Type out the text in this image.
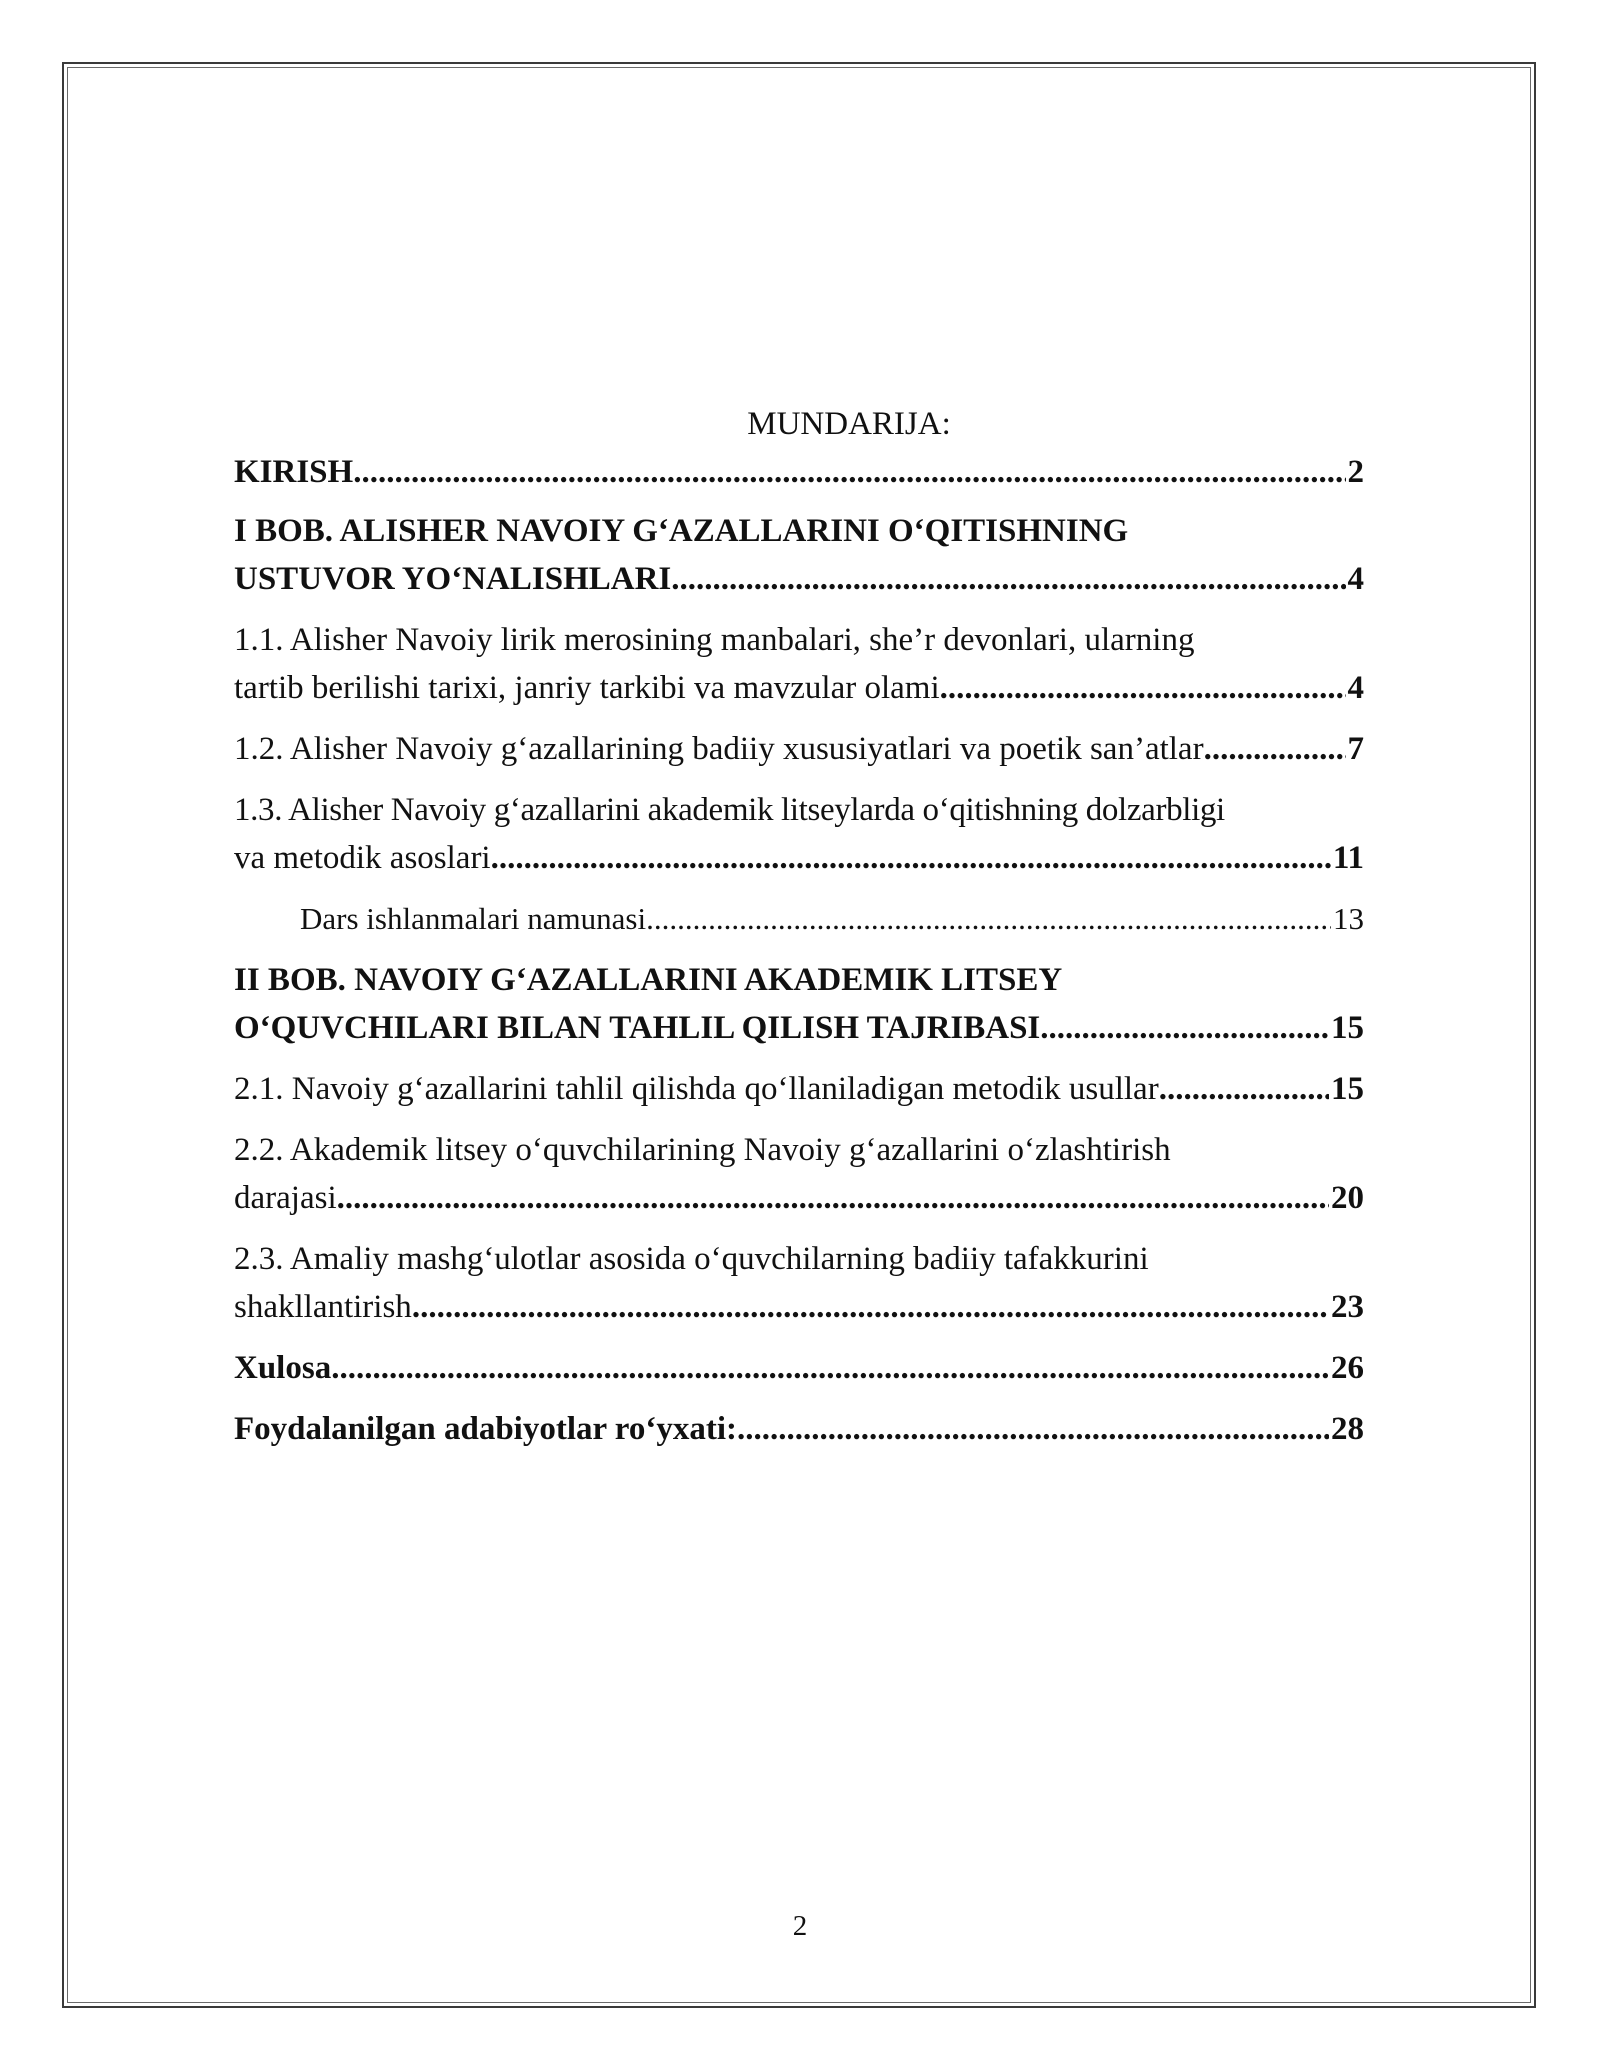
MUNDARIJA:
KIRISH .....	2
I BOB. ALISHER NAVOIY G‘AZALLARINI O‘QITISHNING
USTUVOR YO‘NALISHLARI .....	4
1.1. Alisher Navoiy lirik merosining manbalari, she’r devonlari, ularning
tartib berilishi tarixi, janriy tarkibi va mavzular olami .....	4
1.2. Alisher Navoiy g‘azallarining badiiy xususiyatlari va poetik san’atlar .....	7
1.3. Alisher Navoiy g‘azallarini akademik litseylarda o‘qitishning dolzarbligi
va metodik asoslari .....	11
Dars ishlanmalari namunasi .....	13
II BOB. NAVOIY G‘AZALLARINI AKADEMIK LITSEY
O‘QUVCHILARI BILAN TAHLIL QILISH TAJRIBASI .....	15
2.1. Navoiy g‘azallarini tahlil qilishda qo‘llaniladigan metodik usullar .....	15
2.2. Akademik litsey o‘quvchilarining Navoiy g‘azallarini o‘zlashtirish
darajasi .....	20
2.3. Amaliy mashg‘ulotlar asosida o‘quvchilarning badiiy tafakkurini
shakllantirish .....	23
Xulosa .....	26
Foydalanilgan adabiyotlar ro‘yxati: .....	28
2
